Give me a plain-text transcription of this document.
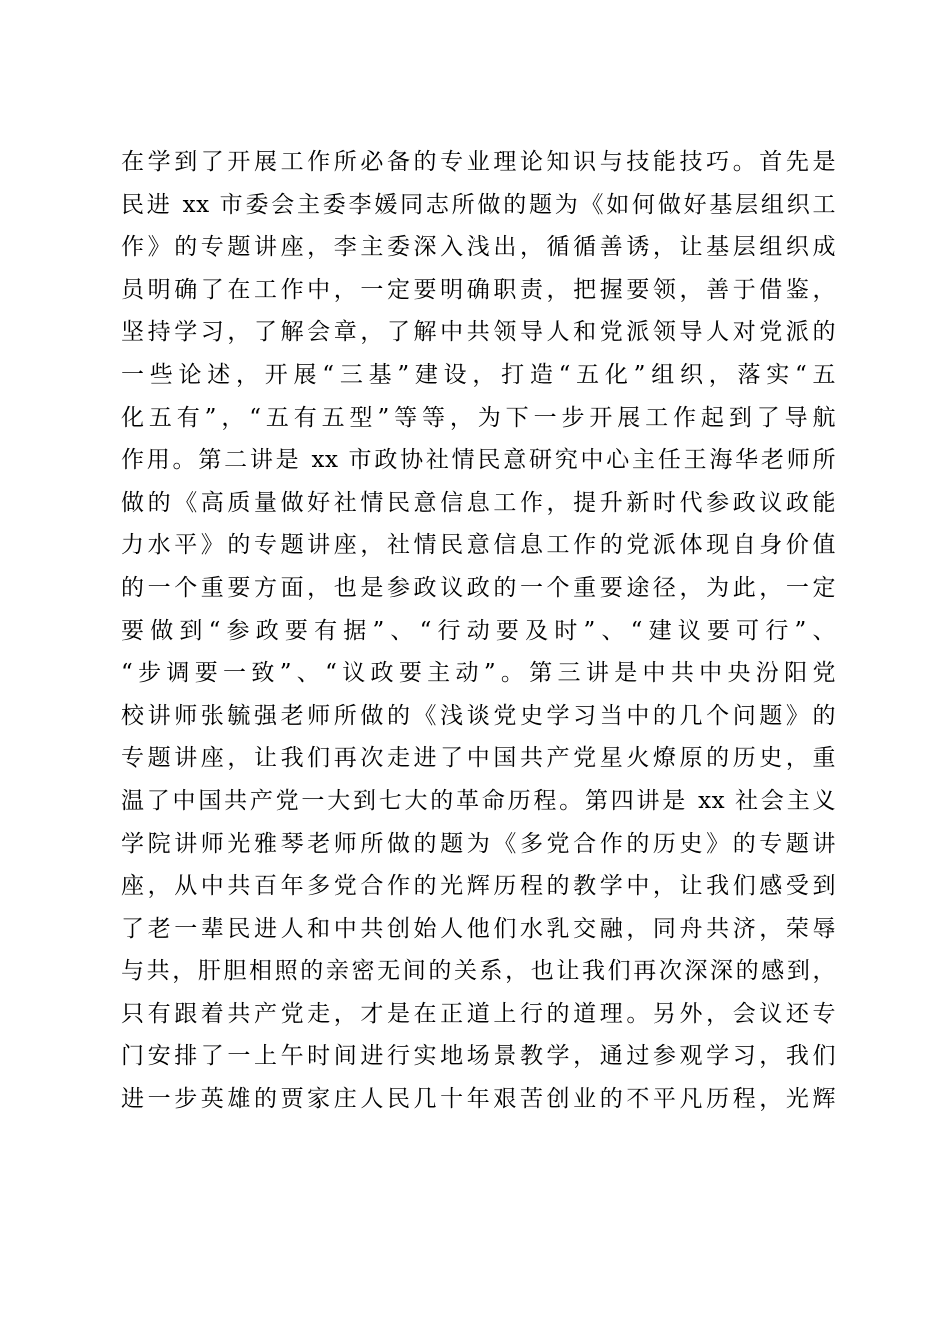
在学到了开展工作所必备的专业理论知识与技能技巧。首先是
民进 xx 市委会主委李媛同志所做的题为《如何做好基层组织工
作》的专题讲座，李主委深入浅出，循循善诱，让基层组织成
员明确了在工作中，一定要明确职责，把握要领，善于借鉴，
坚持学习，了解会章，了解中共领导人和党派领导人对党派的
一些论述，开展“三基”建设，打造“五化”组织，落实“五
化五有”，“五有五型”等等，为下一步开展工作起到了导航
作用。第二讲是 xx 市政协社情民意研究中心主任王海华老师所
做的《高质量做好社情民意信息工作，提升新时代参政议政能
力水平》的专题讲座，社情民意信息工作的党派体现自身价值
的一个重要方面，也是参政议政的一个重要途径，为此，一定
要做到“参政要有据”、“行动要及时”、“建议要可行”、
“步调要一致”、“议政要主动”。第三讲是中共中央汾阳党
校讲师张毓强老师所做的《浅谈党史学习当中的几个问题》的
专题讲座，让我们再次走进了中国共产党星火燎原的历史，重
温了中国共产党一大到七大的革命历程。第四讲是 xx 社会主义
学院讲师光雅琴老师所做的题为《多党合作的历史》的专题讲
座，从中共百年多党合作的光辉历程的教学中，让我们感受到
了老一辈民进人和中共创始人他们水乳交融，同舟共济，荣辱
与共，肝胆相照的亲密无间的关系，也让我们再次深深的感到，
只有跟着共产党走，才是在正道上行的道理。另外，会议还专
门安排了一上午时间进行实地场景教学，通过参观学习，我们
进一步英雄的贾家庄人民几十年艰苦创业的不平凡历程，光辉
